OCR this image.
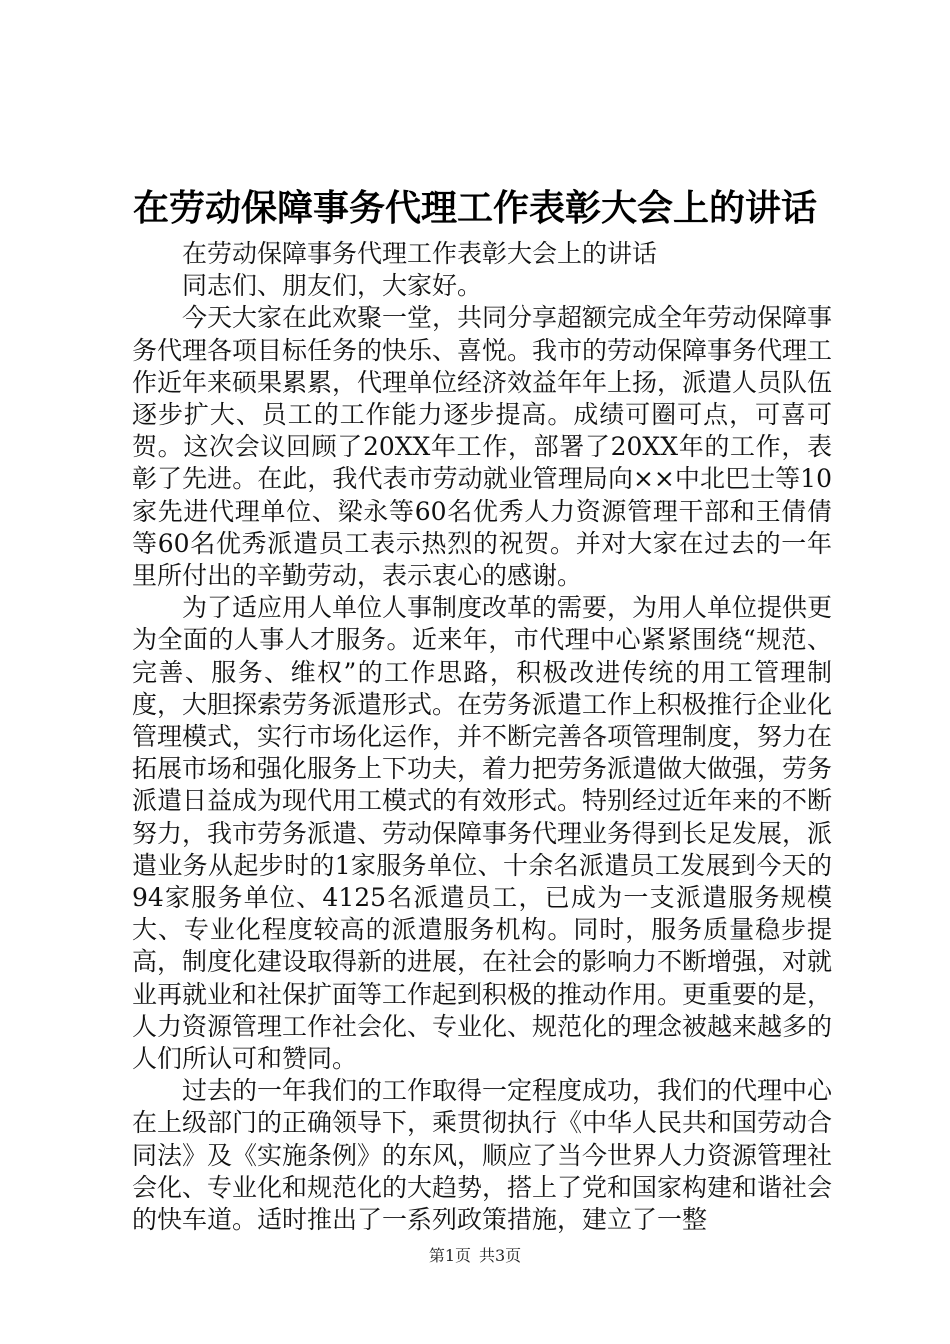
在劳动保障事务代理工作表彰大会上的讲话

在劳动保障事务代理工作表彰大会上的讲话

同志们、朋友们，大家好。

今天大家在此欢聚一堂，共同分享超额完成全年劳动保障事务代理各项目标任务的快乐、喜悦。我市的劳动保障事务代理工作近年来硕果累累，代理单位经济效益年年上扬，派遣人员队伍逐步扩大、员工的工作能力逐步提高。成绩可圈可点，可喜可贺。这次会议回顾了20XX年工作，部署了20XX年的工作，表彰了先进。在此，我代表市劳动就业管理局向××中北巴士等10家先进代理单位、梁永等60名优秀人力资源管理干部和王倩倩等60名优秀派遣员工表示热烈的祝贺。并对大家在过去的一年里所付出的辛勤劳动，表示衷心的感谢。

为了适应用人单位人事制度改革的需要，为用人单位提供更为全面的人事人才服务。近来年，市代理中心紧紧围绕“规范、完善、服务、维权”的工作思路，积极改进传统的用工管理制度，大胆探索劳务派遣形式。在劳务派遣工作上积极推行企业化管理模式，实行市场化运作，并不断完善各项管理制度，努力在拓展市场和强化服务上下功夫，着力把劳务派遣做大做强，劳务派遣日益成为现代用工模式的有效形式。特别经过近年来的不断努力，我市劳务派遣、劳动保障事务代理业务得到长足发展，派遣业务从起步时的1家服务单位、十余名派遣员工发展到今天的94家服务单位、4125名派遣员工，已成为一支派遣服务规模大、专业化程度较高的派遣服务机构。同时，服务质量稳步提高，制度化建设取得新的进展，在社会的影响力不断增强，对就业再就业和社保扩面等工作起到积极的推动作用。更重要的是，人力资源管理工作社会化、专业化、规范化的理念被越来越多的人们所认可和赞同。

过去的一年我们的工作取得一定程度成功，我们的代理中心在上级部门的正确领导下，乘贯彻执行《中华人民共和国劳动合同法》及《实施条例》的东风，顺应了当今世界人力资源管理社会化、专业化和规范化的大趋势，搭上了党和国家构建和谐社会的快车道。适时推出了一系列政策措施，建立了一整

第1页 共3页
